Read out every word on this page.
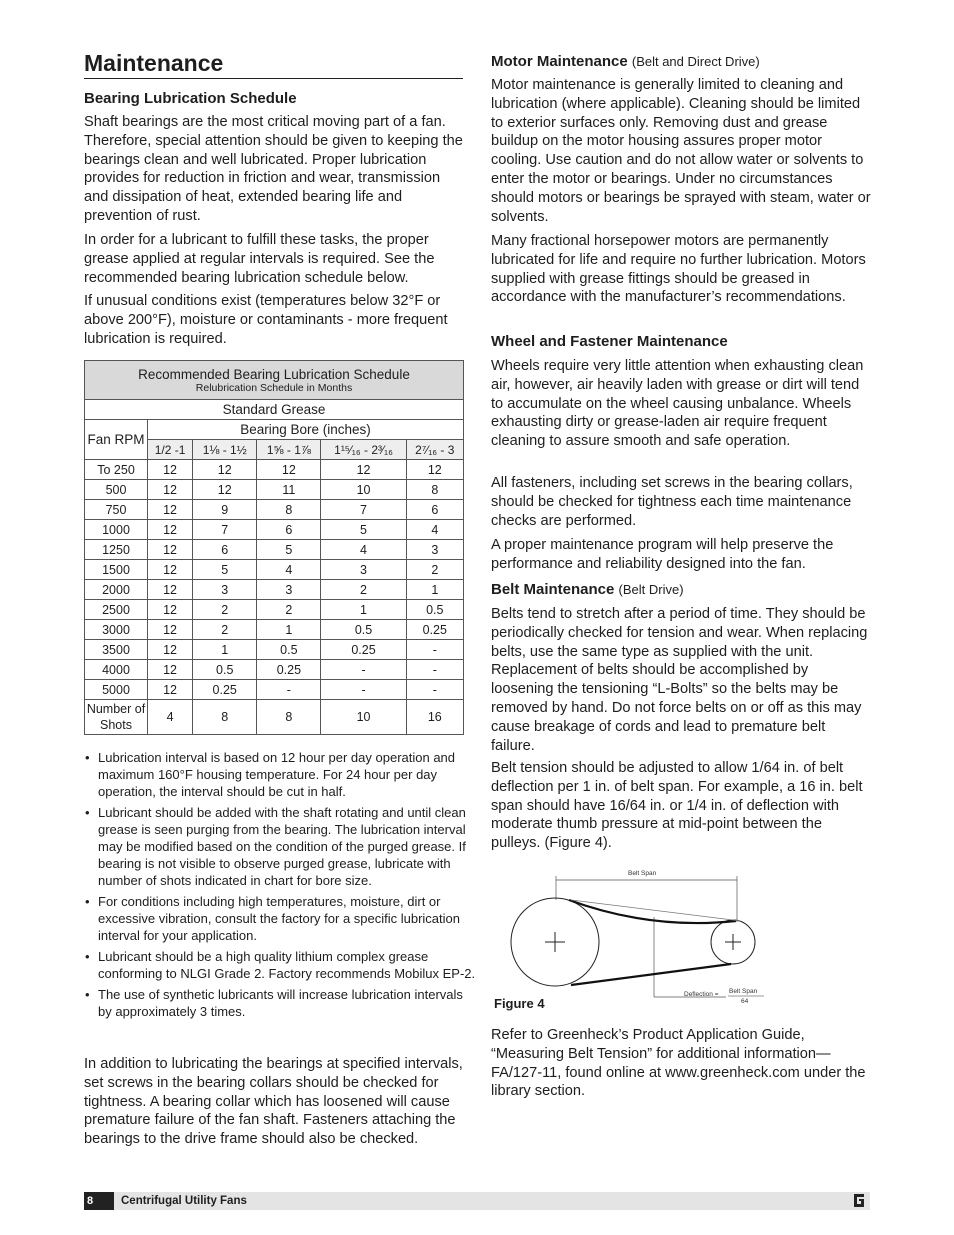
Maintenance
Bearing Lubrication Schedule

Shaft bearings are the most critical moving part of a fan. Therefore, special attention should be given to keeping the bearings clean and well lubricated. Proper lubrication provides for reduction in friction and wear, transmission and dissipation of heat, extended bearing life and prevention of rust.

In order for a lubricant to fulfill these tasks, the proper grease applied at regular intervals is required. See the recommended bearing lubrication schedule below.

If unusual conditions exist (temperatures below 32°F or above 200°F), moisture or contaminants - more frequent lubrication is required.

Recommended Bearing Lubrication Schedule
Relubrication Schedule in Months					

Standard Grease					
Fan RPM	Bearing Bore (inches)				
	1/2 -1	1⅛ - 1½	1⅝ - 1⅞	1¹⁵⁄₁₆ - 2³⁄₁₆	2⁷⁄₁₆ - 3
To 250	12	12	12	12	12
500	12	12	11	10	8
750	12	9	8	7	6
1000	12	7	6	5	4
1250	12	6	5	4	3
1500	12	5	4	3	2
2000	12	3	3	2	1
2500	12	2	2	1	0.5
3000	12	2	1	0.5	0.25
3500	12	1	0.5	0.25	-
4000	12	0.5	0.25	-	-
5000	12	0.25	-	-	-
Number of Shots	4	8	8	10	16
• Lubrication interval is based on 12 hour per day operation and maximum 160°F housing temperature. For 24 hour per day operation, the interval should be cut in half.
• Lubricant should be added with the shaft rotating and until clean grease is seen purging from the bearing. The lubrication interval may be modified based on the condition of the purged grease. If bearing is not visible to observe purged grease, lubricate with number of shots indicated in chart for bore size.
• For conditions including high temperatures, moisture, dirt or excessive vibration, consult the factory for a specific lubrication interval for your application.
• Lubricant should be a high quality lithium complex grease conforming to NLGI Grade 2. Factory recommends Mobilux EP-2.
• The use of synthetic lubricants will increase lubrication intervals by approximately 3 times.

In addition to lubricating the bearings at specified intervals, set screws in the bearing collars should be checked for tightness. A bearing collar which has loosened will cause premature failure of the fan shaft. Fasteners attaching the bearings to the drive frame should also be checked.

Motor Maintenance (Belt and Direct Drive)

Motor maintenance is generally limited to cleaning and lubrication (where applicable). Cleaning should be limited to exterior surfaces only. Removing dust and grease buildup on the motor housing assures proper motor cooling. Use caution and do not allow water or solvents to enter the motor or bearings. Under no circumstances should motors or bearings be sprayed with steam, water or solvents.

Many fractional horsepower motors are permanently lubricated for life and require no further lubrication. Motors supplied with grease fittings should be greased in accordance with the manufacturer’s recommendations.

Wheel and Fastener Maintenance

Wheels require very little attention when exhausting clean air, however, air heavily laden with grease or dirt will tend to accumulate on the wheel causing unbalance. Wheels exhausting dirty or grease-laden air require frequent cleaning to assure smooth and safe operation.

All fasteners, including set screws in the bearing collars, should be checked for tightness each time maintenance checks are performed.

A proper maintenance program will help preserve the performance and reliability designed into the fan.

Belt Maintenance (Belt Drive)

Belts tend to stretch after a period of time. They should be periodically checked for tension and wear. When replacing belts, use the same type as supplied with the unit. Replacement of belts should be accomplished by loosening the tensioning “L-Bolts” so the belts may be removed by hand. Do not force belts on or off as this may cause breakage of cords and lead to premature belt failure.

Belt tension should be adjusted to allow 1/64 in. of belt deflection per 1 in. of belt span. For example, a 16 in. belt span should have 16/64 in. or 1/4 in. of deflection with moderate thumb pressure at mid-point between the pulleys. (Figure 4).

Belt Span
Deflection = Belt Span
64

Figure 4

Refer to Greenheck’s Product Application Guide, “Measuring Belt Tension” for additional information— FA/127-11, found online at www.greenheck.com under the library section.

8	Centrifugal Utility Fans
